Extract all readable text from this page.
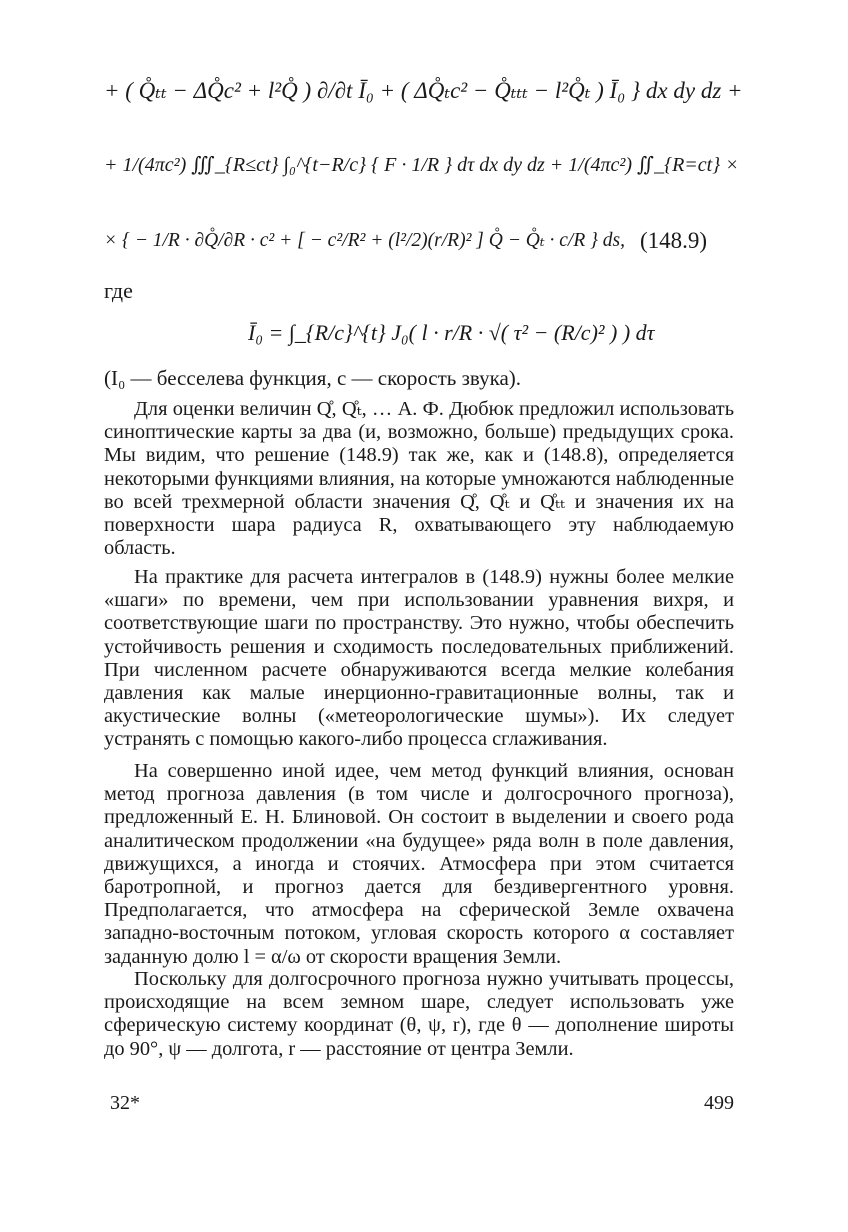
+ ( Q̊ₜₜ − ΔQ̊c² + l²Q̊ ) ∂/∂t Ī₀ + ( ΔQ̊ₜc² − Q̊ₜₜₜ − l²Q̊ₜ ) Ī₀ } dx dy dz +
+ 1/(4πc²) ∭_{R≤ct} ∫₀^{t−R/c} { F · 1/R } dτ dx dy dz + 1/(4πc²) ∬_{R=ct} ×
× { − 1/R · ∂Q̊/∂R · c² + [ − c²/R² + (l²/2)(r/R)² ] Q̊ − Q̊ₜ · c/R } ds, (148.9)
где
Ī₀ = ∫_{R/c}^{t} J₀( l · r/R · √( τ² − (R/c)² ) ) dτ
(I₀ — бесселева функция, c — скорость звука).

Для оценки величин Q̊, Q̊ₜ, … А. Ф. Дюбюк предложил использовать синоптические карты за два (и, возможно, больше) предыдущих срока. Мы видим, что решение (148.9) так же, как и (148.8), определяется некоторыми функциями влияния, на которые умножаются наблюденные во всей трехмерной области значения Q̊, Q̊ₜ и Q̊ₜₜ и значения их на поверхности шара радиуса R, охватывающего эту наблюдаемую область.

На практике для расчета интегралов в (148.9) нужны более мелкие «шаги» по времени, чем при использовании уравнения вихря, и соответствующие шаги по пространству. Это нужно, чтобы обеспечить устойчивость решения и сходимость последовательных приближений. При численном расчете обнаруживаются всегда мелкие колебания давления как малые инерционно-гравитационные волны, так и акустические волны («метеорологические шумы»). Их следует устранять с помощью какого-либо процесса сглаживания.

На совершенно иной идее, чем метод функций влияния, основан метод прогноза давления (в том числе и долгосрочного прогноза), предложенный Е. Н. Блиновой. Он состоит в выделении и своего рода аналитическом продолжении «на будущее» ряда волн в поле давления, движущихся, а иногда и стоячих. Атмосфера при этом считается баротропной, и прогноз дается для бездивергентного уровня. Предполагается, что атмосфера на сферической Земле охвачена западно-восточным потоком, угловая скорость которого α составляет заданную долю l = α/ω от скорости вращения Земли.

Поскольку для долгосрочного прогноза нужно учитывать процессы, происходящие на всем земном шаре, следует использовать уже сферическую систему координат (θ, ψ, r), где θ — дополнение широты до 90°, ψ — долгота, r — расстояние от центра Земли.

32*	499
